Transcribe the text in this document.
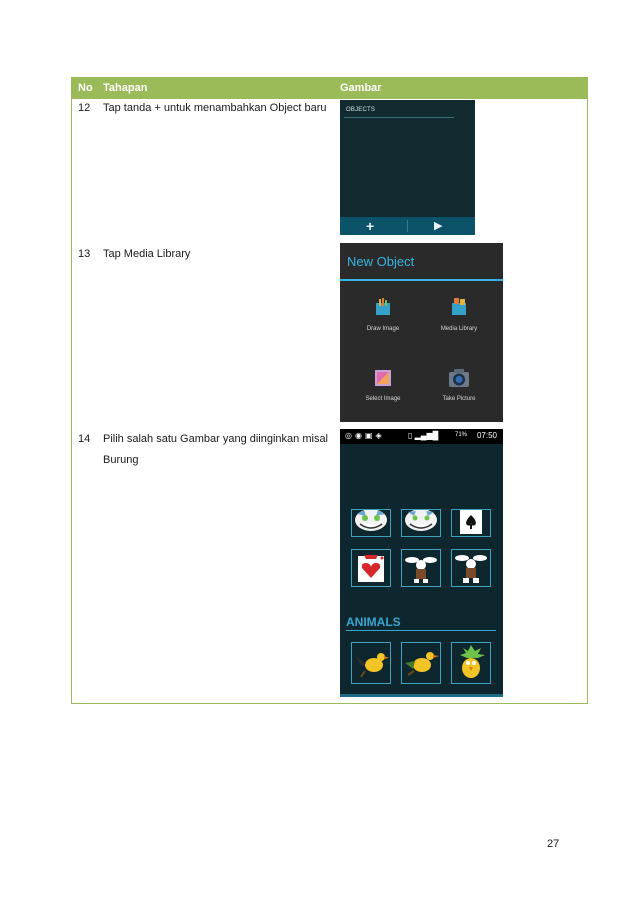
No Tahapan	Gambar
12 Tap tanda + untuk menambahkan Object baru	OBJECTS
+	▶
13 Tap Media Library	New Object
Draw Image	Media Library
Select Image	Take Picture
14 Pilih salah satu Gambar yang diinginkan misal
Burung
◎◉▣◈	▯ ▂▄▆█	71% 07:50
ANIMALS
27
